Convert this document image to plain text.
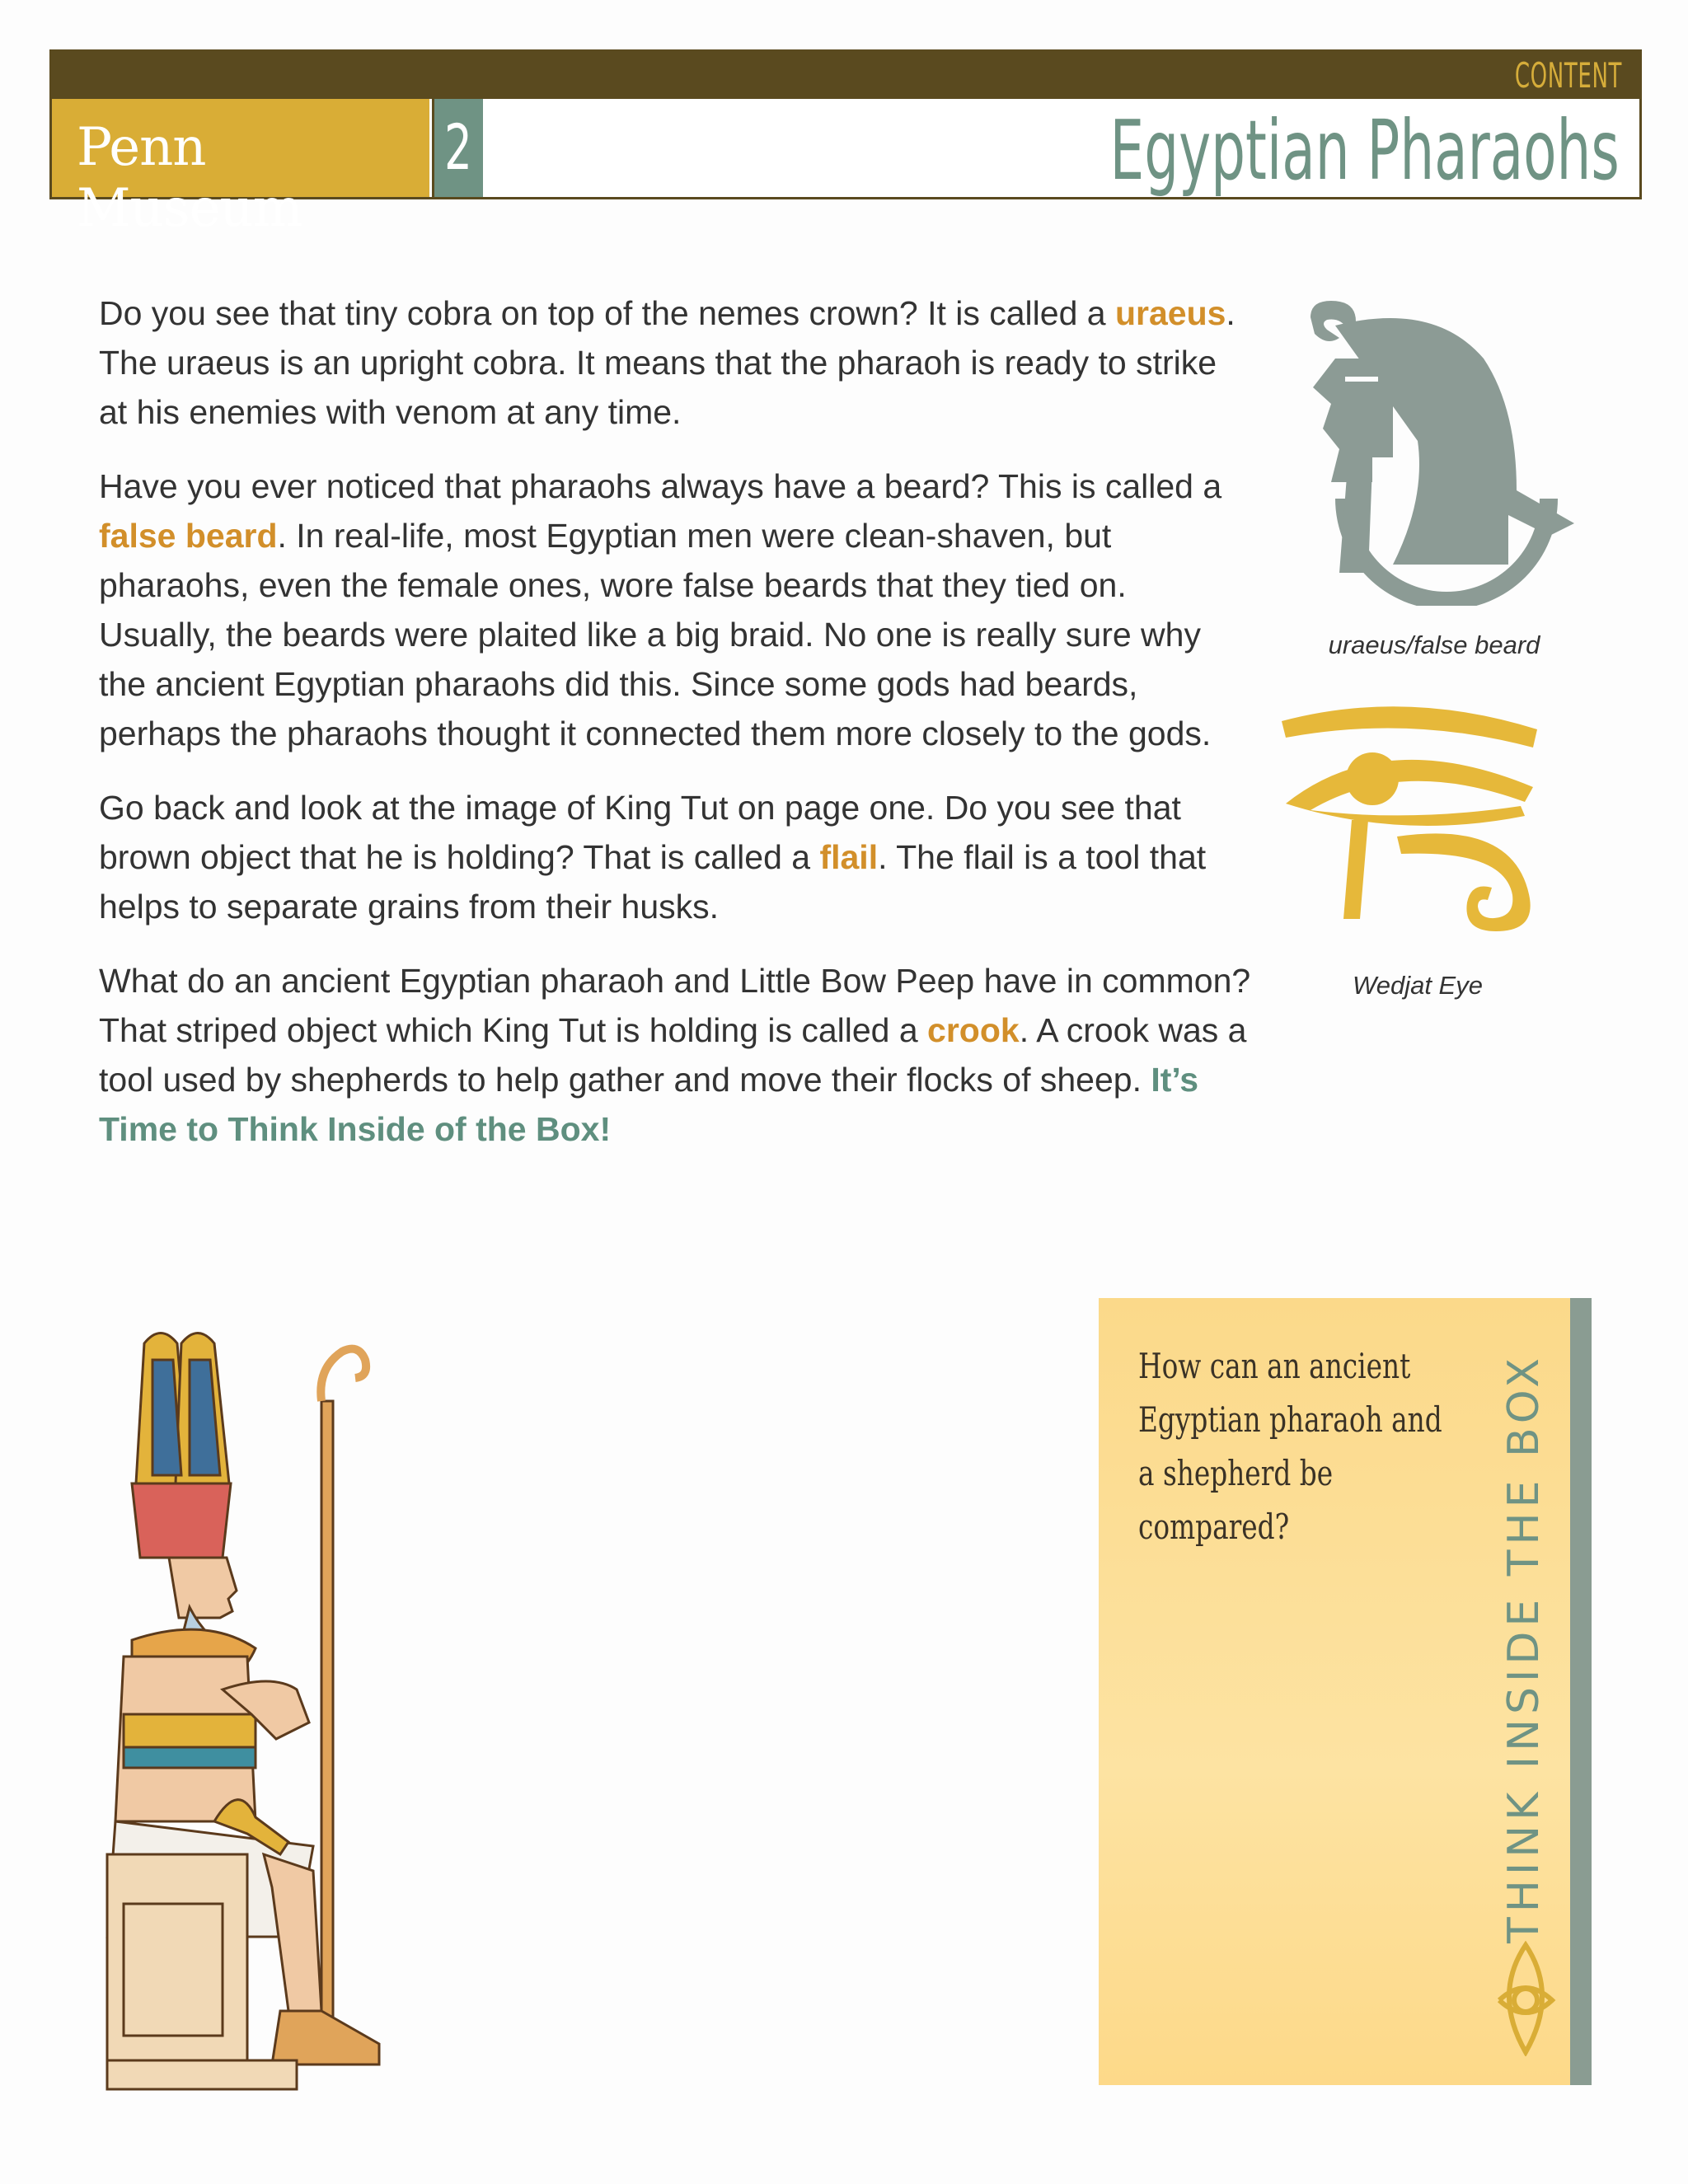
CONTENT
Penn Museum
2	Egyptian Pharaohs

Do you see that tiny cobra on top of the nemes crown? It is called a uraeus. The uraeus is an upright cobra. It means that the pharaoh is ready to strike at his enemies with venom at any time.

Have you ever noticed that pharaohs always have a beard? This is called a false beard. In real-life, most Egyptian men were clean-shaven, but pharaohs, even the female ones, wore false beards that they tied on. Usually, the beards were plaited like a big braid. No one is really sure why the ancient Egyptian pharaohs did this. Since some gods had beards, perhaps the pharaohs thought it connected them more closely to the gods.

Go back and look at the image of King Tut on page one. Do you see that brown object that he is holding? That is called a flail. The flail is a tool that helps to separate grains from their husks.

What do an ancient Egyptian pharaoh and Little Bow Peep have in common? That striped object which King Tut is holding is called a crook. A crook was a tool used by shepherds to help gather and move their flocks of sheep. It’s Time to Think Inside of the Box!

uraeus/false beard
Wedjat Eye
How can an ancient Egyptian pharaoh and a shepherd be compared?	THINK INSIDE THE BOX
